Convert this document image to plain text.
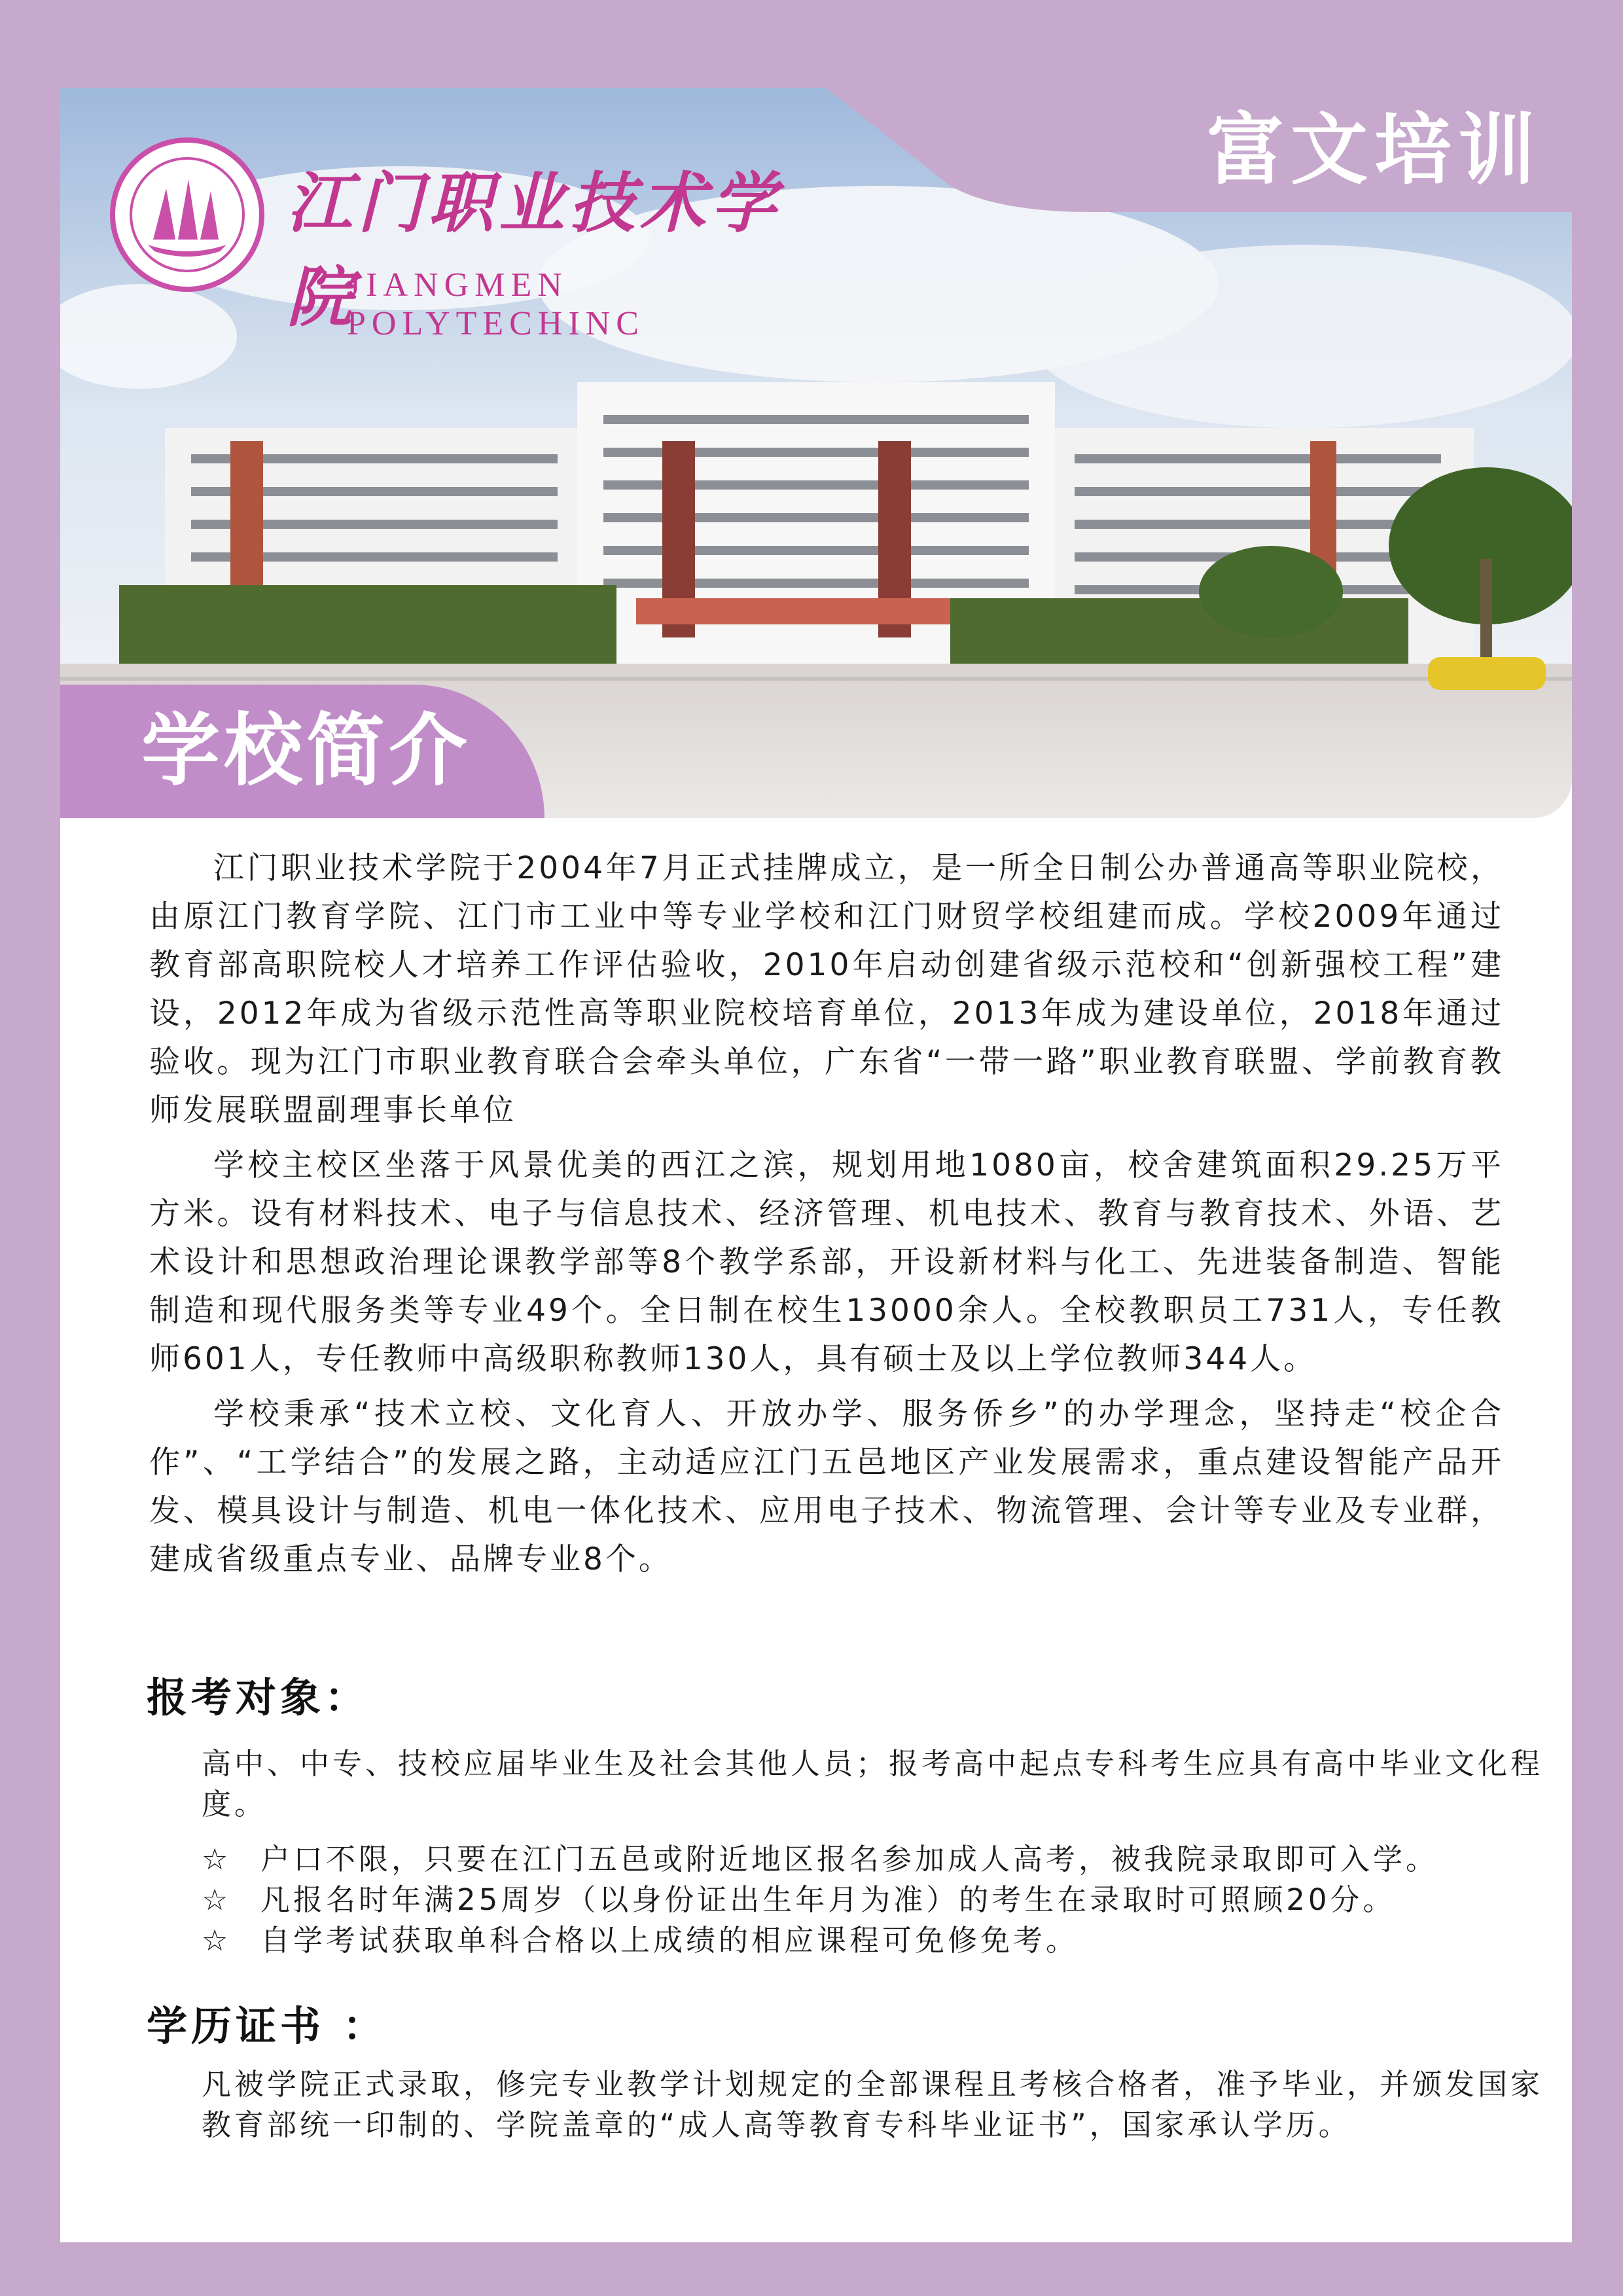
富文培训
江门职业技术学院
JIANGMEN POLYTECHINC
学校简介

江门职业技术学院于2004年7月正式挂牌成立，是一所全日制公办普通高等职业院校，由原江门教育学院、江门市工业中等专业学校和江门财贸学校组建而成。学校2009年通过教育部高职院校人才培养工作评估验收，2010年启动创建省级示范校和“创新强校工程”建设，2012年成为省级示范性高等职业院校培育单位，2013年成为建设单位，2018年通过验收。现为江门市职业教育联合会牵头单位，广东省“一带一路”职业教育联盟、学前教育教师发展联盟副理事长单位

学校主校区坐落于风景优美的西江之滨，规划用地1080亩，校舍建筑面积29.25万平方米。设有材料技术、电子与信息技术、经济管理、机电技术、教育与教育技术、外语、艺术设计和思想政治理论课教学部等8个教学系部，开设新材料与化工、先进装备制造、智能制造和现代服务类等专业49个。全日制在校生13000余人。全校教职员工731人，专任教师601人，专任教师中高级职称教师130人，具有硕士及以上学位教师344人。

学校秉承“技术立校、文化育人、开放办学、服务侨乡”的办学理念，坚持走“校企合作”、“工学结合”的发展之路，主动适应江门五邑地区产业发展需求，重点建设智能产品开发、模具设计与制造、机电一体化技术、应用电子技术、物流管理、会计等专业及专业群，建成省级重点专业、品牌专业8个。

报考对象：

高中、中专、技校应届毕业生及社会其他人员；报考高中起点专科考生应具有高中毕业文化程度。

☆ 户口不限，只要在江门五邑或附近地区报名参加成人高考，被我院录取即可入学。
☆ 凡报名时年满25周岁（以身份证出生年月为准）的考生在录取时可照顾20分。
☆ 自学考试获取单科合格以上成绩的相应课程可免修免考。
学历证书 ：

凡被学院正式录取，修完专业教学计划规定的全部课程且考核合格者，准予毕业，并颁发国家教育部统一印制的、学院盖章的“成人高等教育专科毕业证书”，国家承认学历。
